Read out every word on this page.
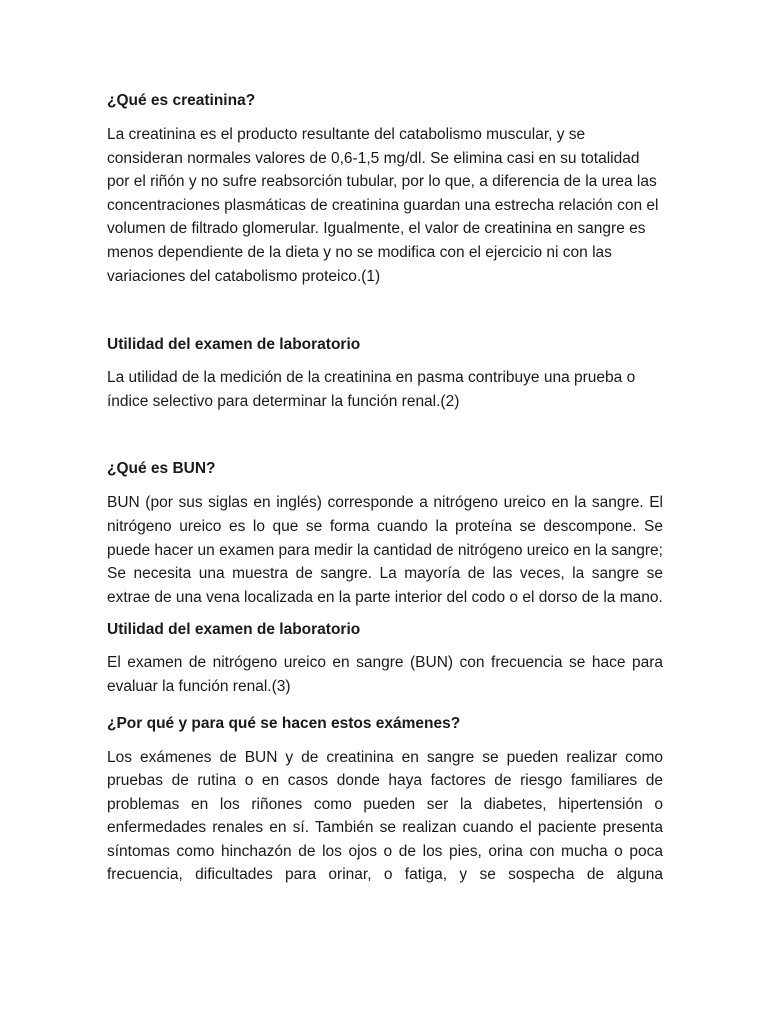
¿Qué es creatinina?

La creatinina es el producto resultante del catabolismo muscular, y se consideran normales valores de 0,6-1,5 mg/dl. Se elimina casi en su totalidad por el riñón y no sufre reabsorción tubular, por lo que, a diferencia de la urea las concentraciones plasmáticas de creatinina guardan una estrecha relación con el volumen de filtrado glomerular. Igualmente, el valor de creatinina en sangre es menos dependiente de la dieta y no se modifica con el ejercicio ni con las variaciones del catabolismo proteico.(1)

Utilidad del examen de laboratorio

La utilidad de la medición de la creatinina en pasma contribuye una prueba o índice selectivo para determinar la función renal.(2)

¿Qué es BUN?

BUN (por sus siglas en inglés) corresponde a nitrógeno ureico en la sangre. El nitrógeno ureico es lo que se forma cuando la proteína se descompone. Se puede hacer un examen para medir la cantidad de nitrógeno ureico en la sangre; Se necesita una muestra de sangre. La mayoría de las veces, la sangre se extrae de una vena localizada en la parte interior del codo o el dorso de la mano.

Utilidad del examen de laboratorio

El examen de nitrógeno ureico en sangre (BUN) con frecuencia se hace para evaluar la función renal.(3)

¿Por qué y para qué se hacen estos exámenes?

Los exámenes de BUN y de creatinina en sangre se pueden realizar como pruebas de rutina o en casos donde haya factores de riesgo familiares de problemas en los riñones como pueden ser la diabetes, hipertensión o enfermedades renales en sí. También se realizan cuando el paciente presenta síntomas como hinchazón de los ojos o de los pies, orina con mucha o poca frecuencia, dificultades para orinar, o fatiga, y se sospecha de alguna
